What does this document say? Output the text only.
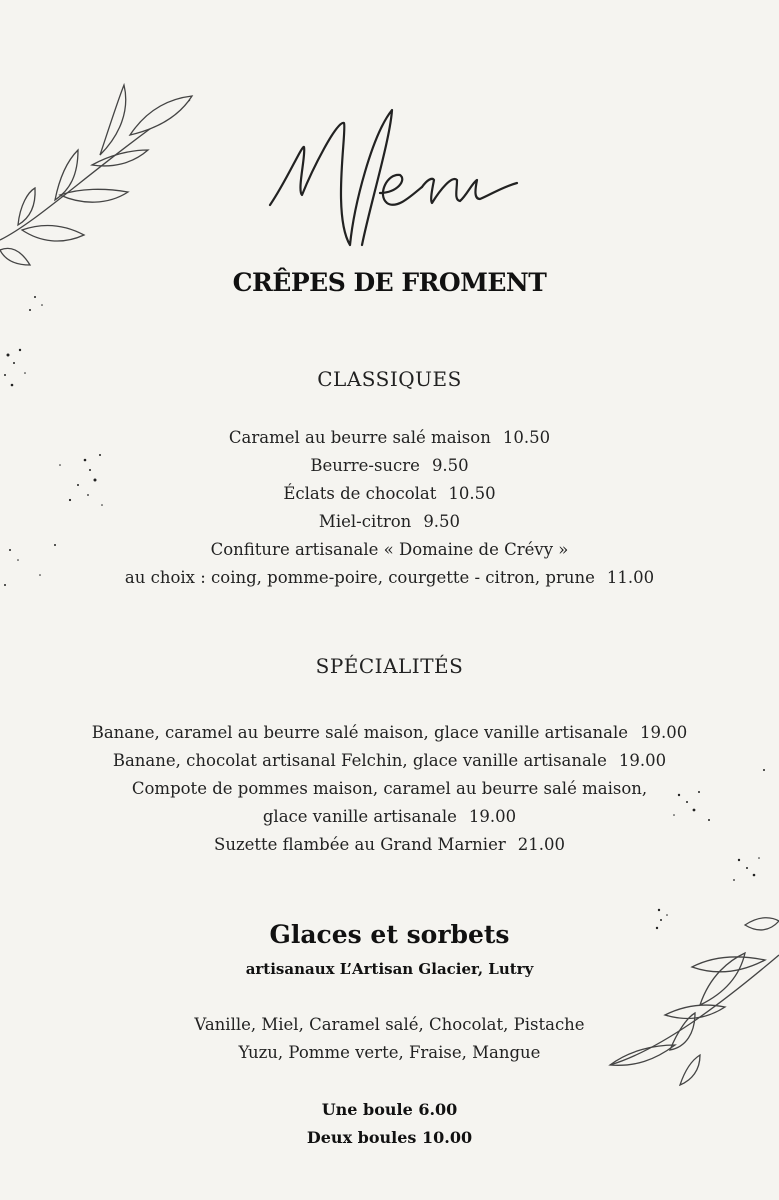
CRÊPES DE FROMENT
CLASSIQUES
Caramel au beurre salé maison 10.50
Beurre-sucre 9.50
Éclats de chocolat 10.50
Miel-citron 9.50
Confiture artisanale « Domaine de Crévy »
au choix : coing, pomme-poire, courgette - citron, prune 11.00
SPÉCIALITÉS
Banane, caramel au beurre salé maison, glace vanille artisanale 19.00
Banane, chocolat artisanal Felchin, glace vanille artisanale 19.00
Compote de pommes maison, caramel au beurre salé maison,
glace vanille artisanale 19.00
Suzette flambée au Grand Marnier 21.00
Glaces et sorbets
artisanaux L’Artisan Glacier, Lutry
Vanille, Miel, Caramel salé, Chocolat, Pistache
Yuzu, Pomme verte, Fraise, Mangue
Une boule 6.00
Deux boules 10.00
